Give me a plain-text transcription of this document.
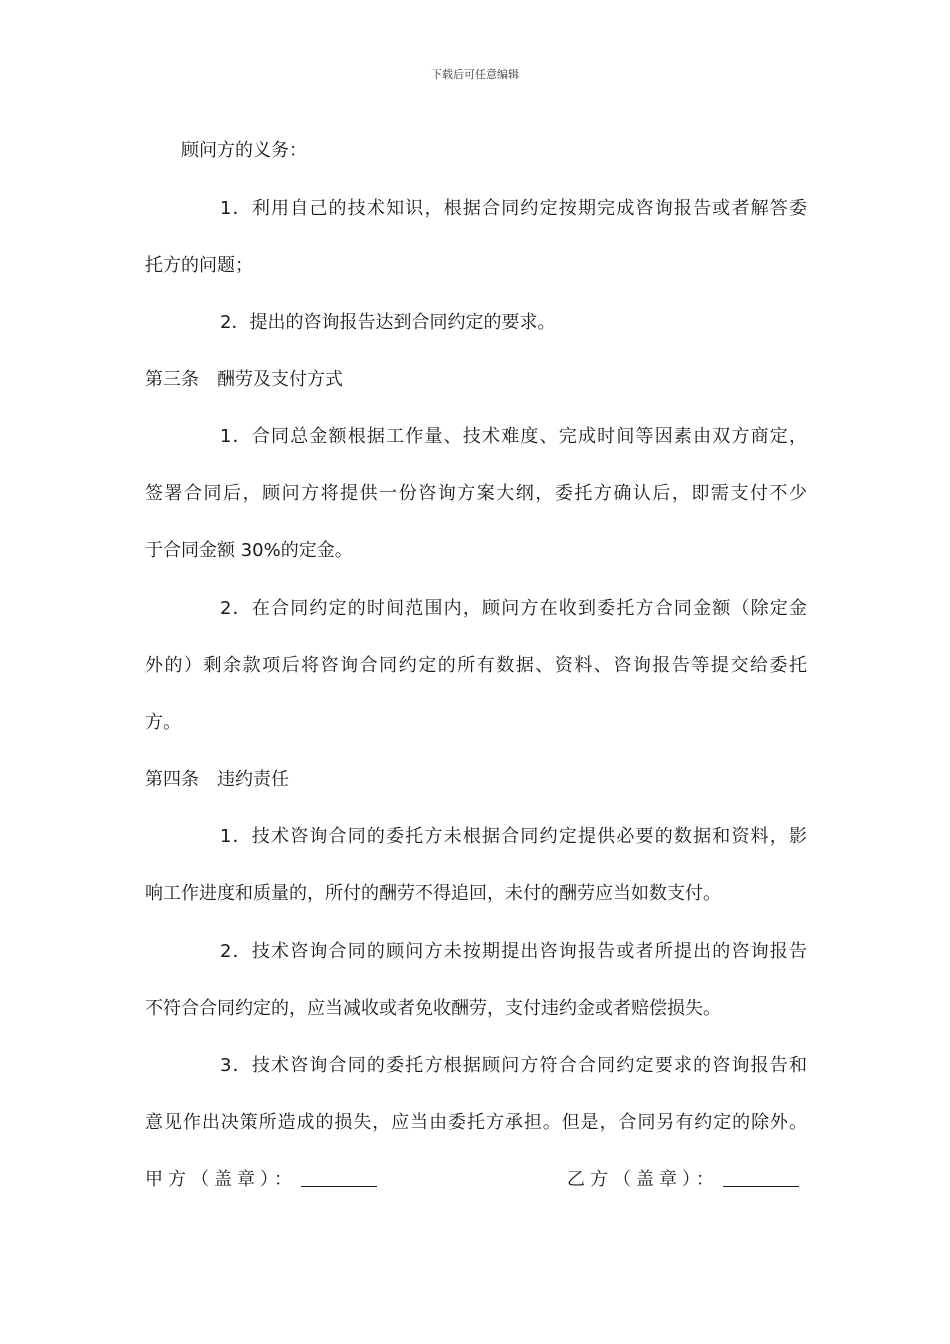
下载后可任意编辑
顾问方的义务：
1．利用自己的技术知识，根据合同约定按期完成咨询报告或者解答委
托方的问题；
2．提出的咨询报告达到合同约定的要求。
第三条　酬劳及支付方式
1．合同总金额根据工作量、技术难度、完成时间等因素由双方商定，
签署合同后，顾问方将提供一份咨询方案大纲，委托方确认后，即需支付不少
于合同金额 30%的定金。
2．在合同约定的时间范围内，顾问方在收到委托方合同金额（除定金
外的）剩余款项后将咨询合同约定的所有数据、资料、咨询报告等提交给委托
方。
第四条　违约责任
1．技术咨询合同的委托方未根据合同约定提供必要的数据和资料，影
响工作进度和质量的，所付的酬劳不得追回，未付的酬劳应当如数支付。
2．技术咨询合同的顾问方未按期提出咨询报告或者所提出的咨询报告
不符合合同约定的，应当减收或者免收酬劳，支付违约金或者赔偿损失。
3．技术咨询合同的委托方根据顾问方符合合同约定要求的咨询报告和
意见作出决策所造成的损失，应当由委托方承担。但是，合同另有约定的除外。
甲方（盖章）：	乙方（盖章）：
